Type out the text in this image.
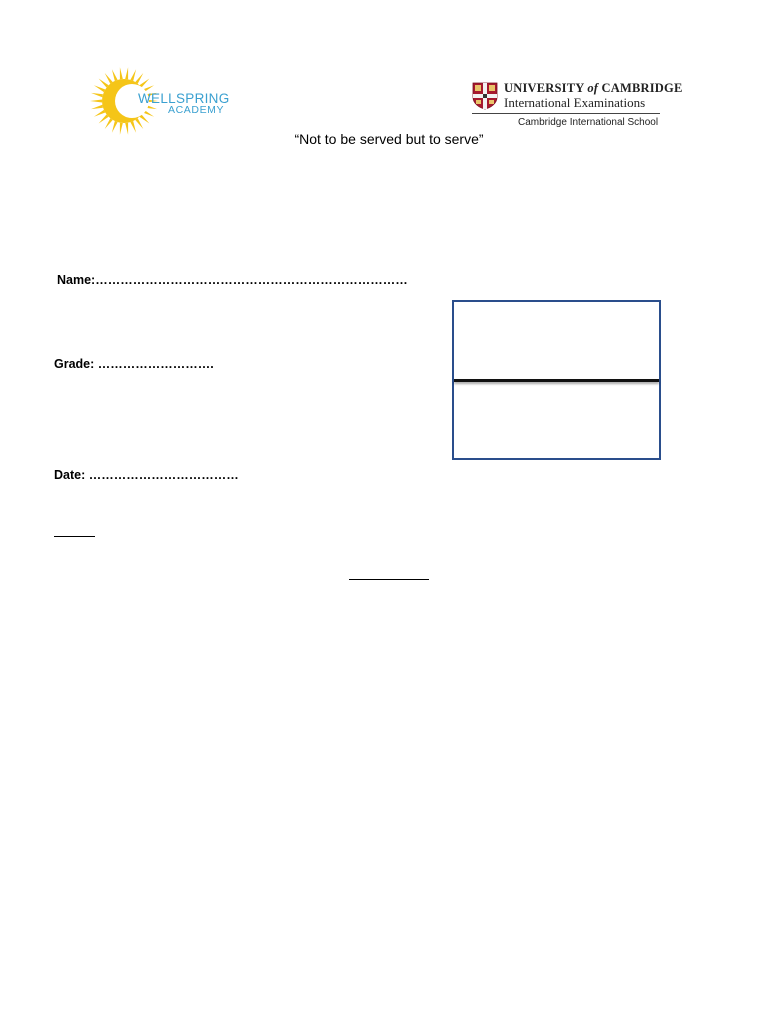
WELLSPRING
ACADEMY
UNIVERSITY of CAMBRIDGE
International Examinations
Cambridge International School
“Not to be served but to serve”
Name:…………………………………………………………………
Grade: ……………………….
Date: ………………………………
